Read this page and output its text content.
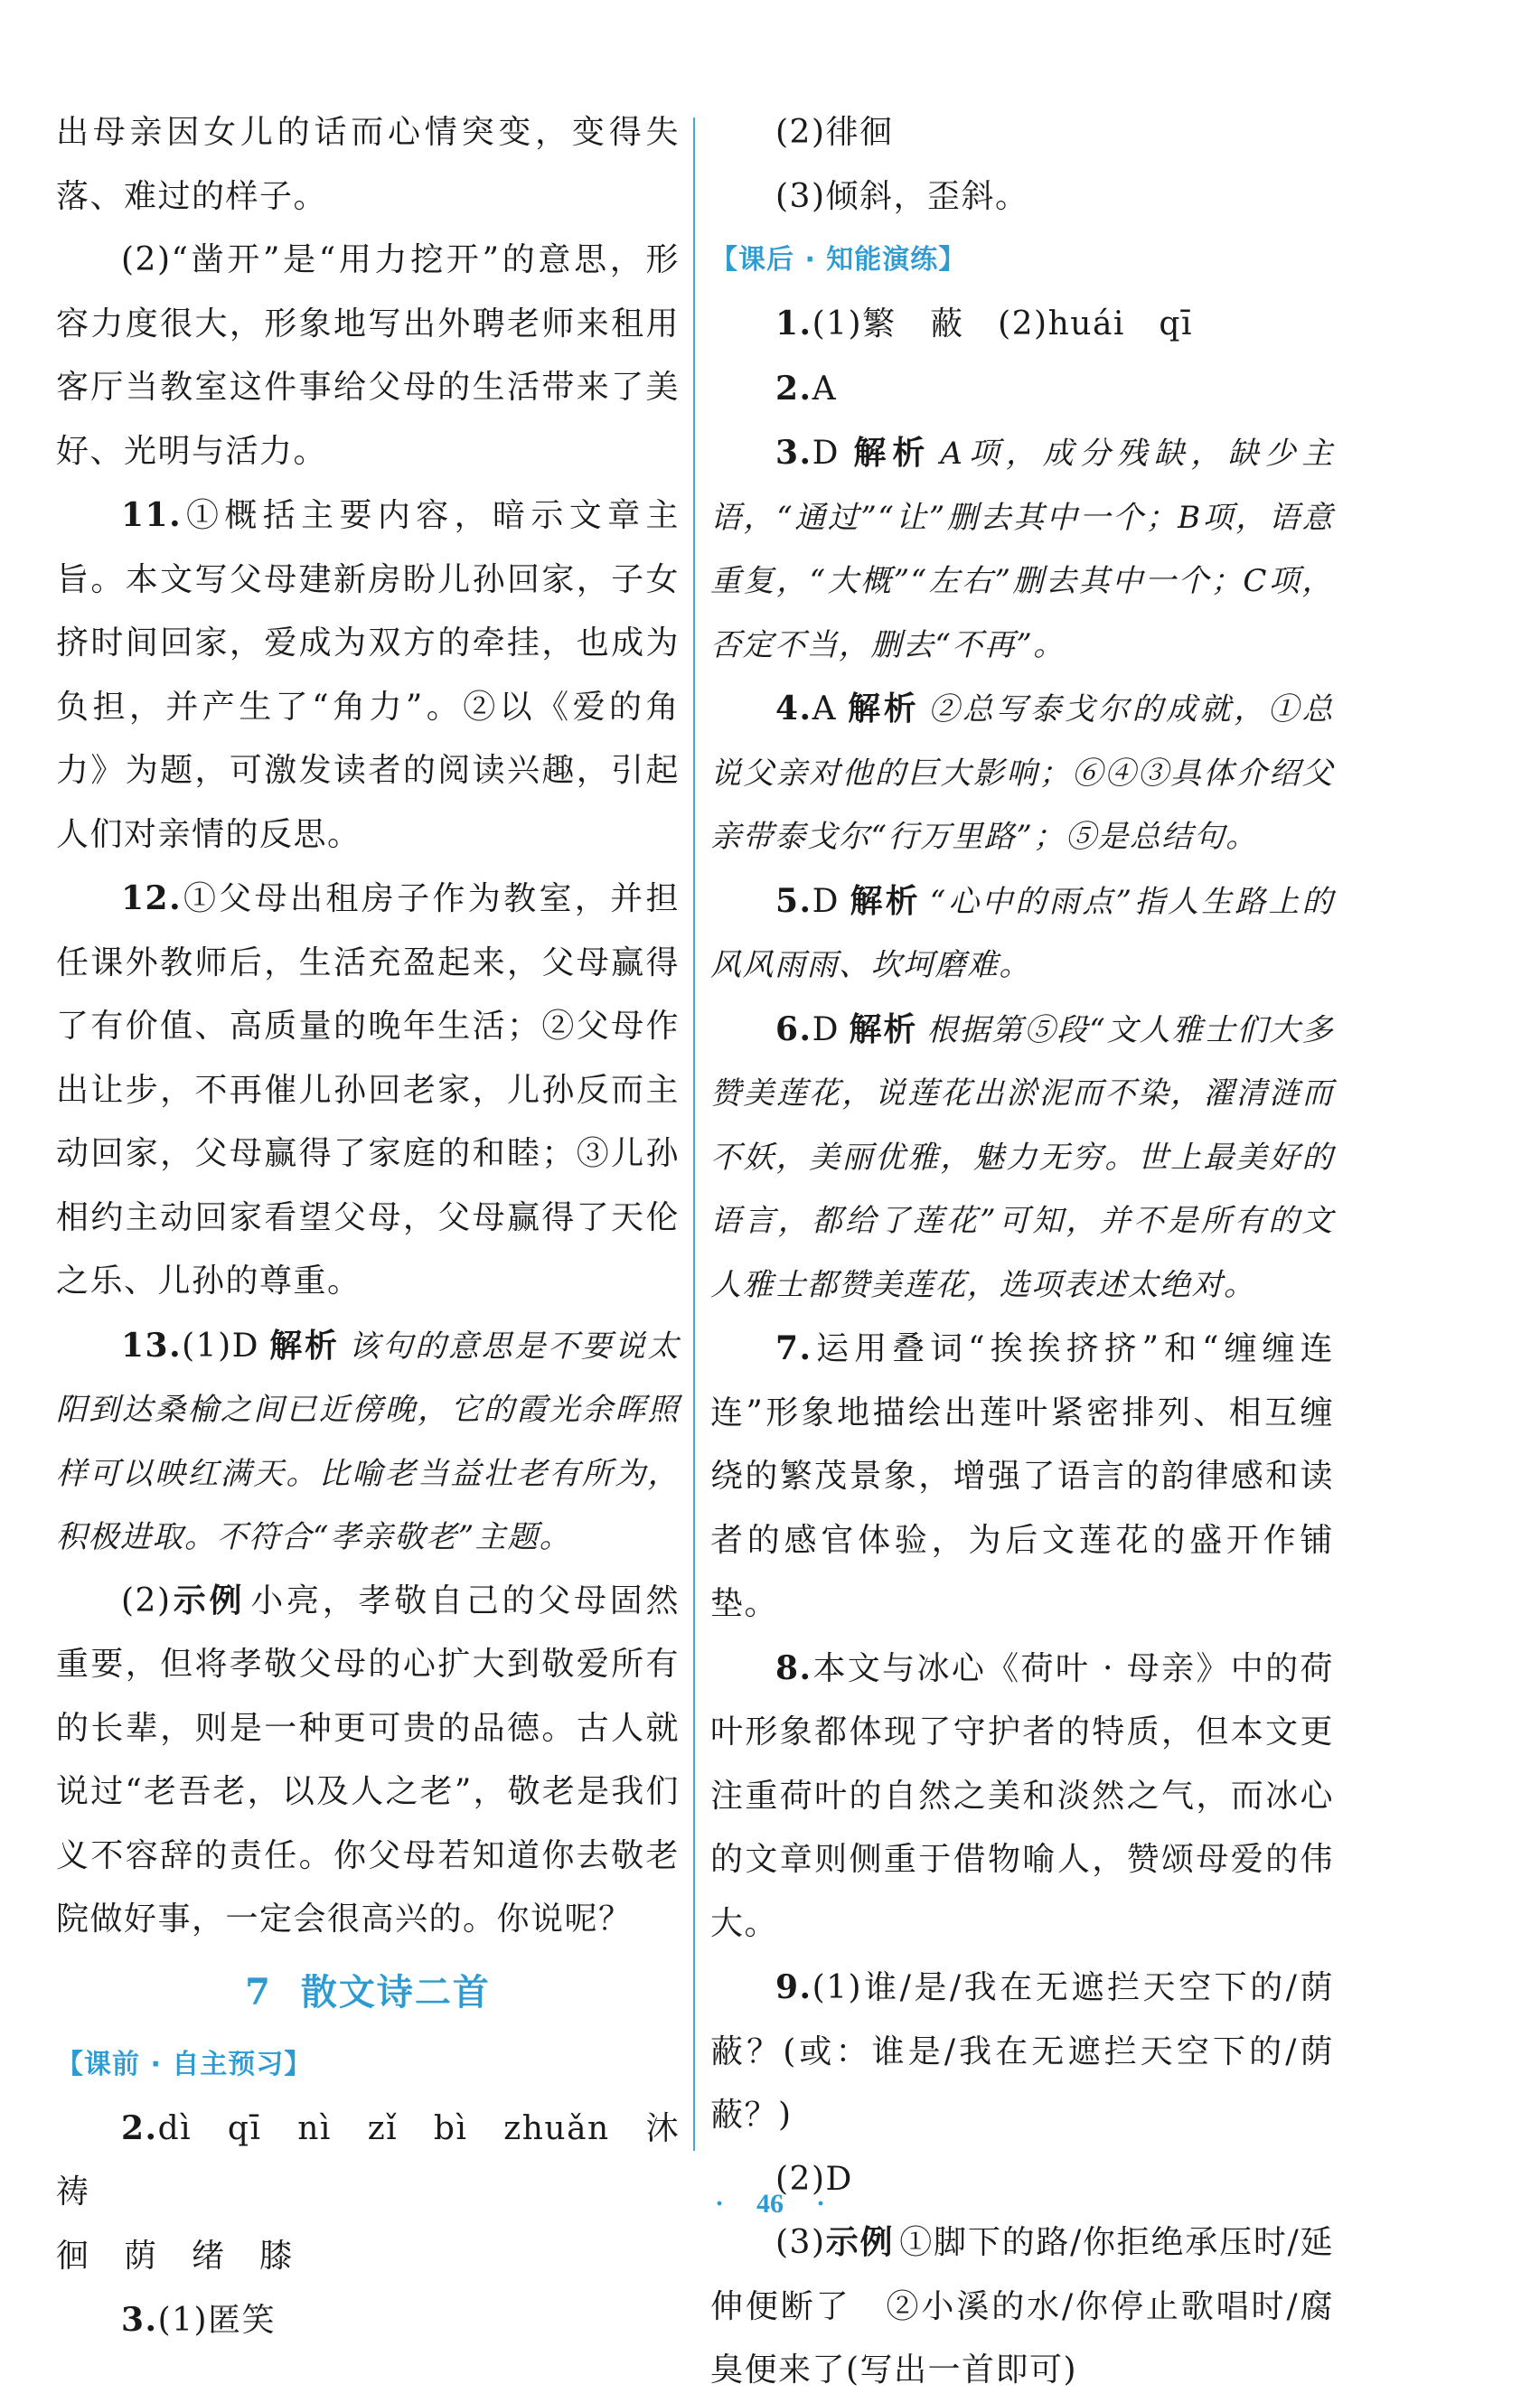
出母亲因女儿的话而心情突变，变得失落、难过的样子。

(2)“凿开”是“用力挖开”的意思，形容力度很大，形象地写出外聘老师来租用客厅当教室这件事给父母的生活带来了美好、光明与活力。

11.①概括主要内容，暗示文章主旨。本文写父母建新房盼儿孙回家，子女挤时间回家，爱成为双方的牵挂，也成为负担，并产生了“角力”。②以《爱的角力》为题，可激发读者的阅读兴趣，引起人们对亲情的反思。

12.①父母出租房子作为教室，并担任课外教师后，生活充盈起来，父母赢得了有价值、高质量的晚年生活；②父母作出让步，不再催儿孙回老家，儿孙反而主动回家，父母赢得了家庭的和睦；③儿孙相约主动回家看望父母，父母赢得了天伦之乐、儿孙的尊重。

13.(1)D 解析 该句的意思是不要说太阳到达桑榆之间已近傍晚，它的霞光余晖照样可以映红满天。比喻老当益壮老有所为，积极进取。不符合“孝亲敬老”主题。

(2)示例 小亮，孝敬自己的父母固然重要，但将孝敬父母的心扩大到敬爱所有的长辈，则是一种更可贵的品德。古人就说过“老吾老，以及人之老”，敬老是我们义不容辞的责任。你父母若知道你去敬老院做好事，一定会很高兴的。你说呢？

7 散文诗二首
【课前 · 自主预习】

2.dì　qī　nì　zǐ　bì　zhuǎn　沐　祷

徊　荫　绪　膝

3.(1)匿笑

(2)徘徊

(3)倾斜，歪斜。

【课后 · 知能演练】

1.(1)繁　蔽　(2)huái　qī

2.A

3.D 解析 A项，成分残缺，缺少主语，“通过”“让”删去其中一个；B项，语意重复，“大概”“左右”删去其中一个；C项，否定不当，删去“不再”。

4.A 解析 ②总写泰戈尔的成就，①总说父亲对他的巨大影响；⑥④③具体介绍父亲带泰戈尔“行万里路”；⑤是总结句。

5.D 解析 “心中的雨点”指人生路上的风风雨雨、坎坷磨难。

6.D 解析 根据第⑤段“文人雅士们大多赞美莲花，说莲花出淤泥而不染，濯清涟而不妖，美丽优雅，魅力无穷。世上最美好的语言，都给了莲花”可知，并不是所有的文人雅士都赞美莲花，选项表述太绝对。

7.运用叠词“挨挨挤挤”和“缠缠连连”形象地描绘出莲叶紧密排列、相互缠绕的繁茂景象，增强了语言的韵律感和读者的感官体验，为后文莲花的盛开作铺垫。

8.本文与冰心《荷叶 · 母亲》中的荷叶形象都体现了守护者的特质，但本文更注重荷叶的自然之美和淡然之气，而冰心的文章则侧重于借物喻人，赞颂母爱的伟大。

9.(1)谁/是/我在无遮拦天空下的/荫蔽？(或：谁是/我在无遮拦天空下的/荫蔽？)

(2)D

(3)示例 ①脚下的路/你拒绝承压时/延伸便断了　②小溪的水/你停止歌唱时/腐臭便来了(写出一首即可)

· 46 ·
